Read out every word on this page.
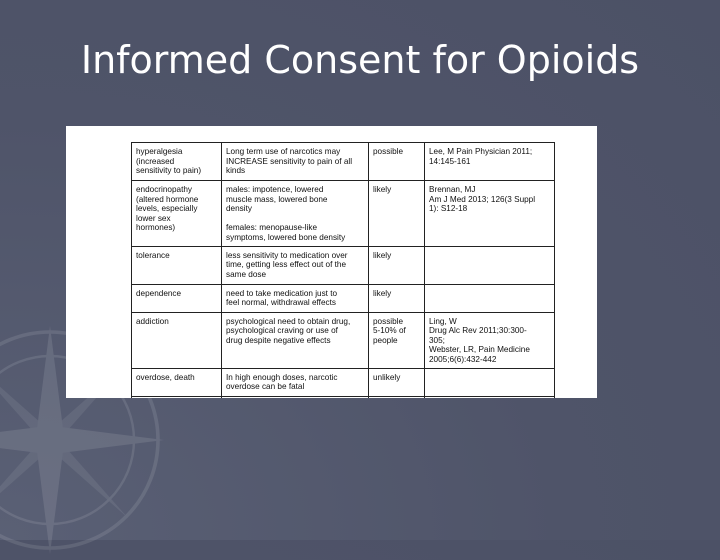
Informed Consent for Opioids
hyperalgesia
(increased
sensitivity to pain)	Long term use of narcotics may
INCREASE sensitivity to pain of all
kinds	possible	Lee, M Pain Physician 2011;
14:145-161
endocrinopathy
(altered hormone
levels, especially
lower sex
hormones)	males: impotence, lowered
muscle mass, lowered bone
density

females: menopause-like
symptoms, lowered bone density	likely	Brennan, MJ
Am J Med 2013; 126(3 Suppl
1): S12-18
tolerance	less sensitivity to medication over
time, getting less effect out of the
same dose	likely	
dependence	need to take medication just to
feel normal, withdrawal effects	likely	
addiction	psychological need to obtain drug,
psychological craving or use of
drug despite negative effects	possible
5-10% of
people	Ling, W
Drug Alc Rev 2011;30:300-
305;
Webster, LR, Pain Medicine
2005;6(6):432-442
overdose, death	In high enough doses, narcotic
overdose can be fatal	unlikely	
